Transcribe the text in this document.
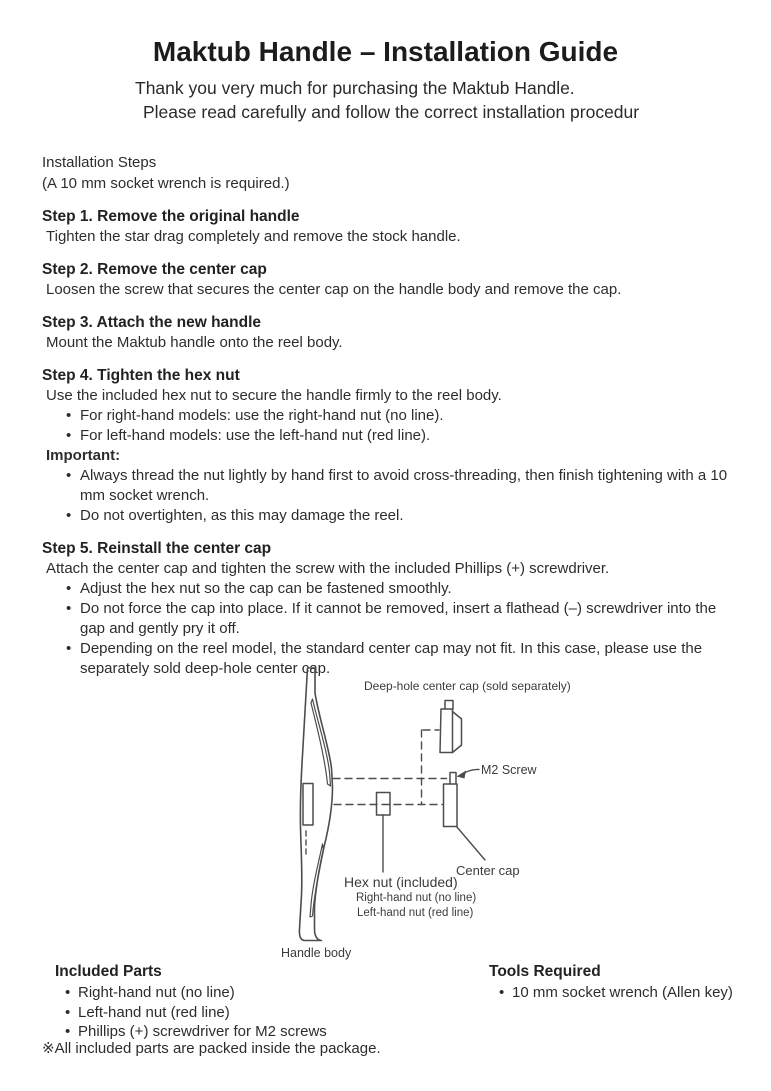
Maktub Handle – Installation Guide
Thank you very much for purchasing the Maktub Handle.
Please read carefully and follow the correct installation procedur

Installation Steps

(A 10 mm socket wrench is required.)

Step 1. Remove the original handle

Tighten the star drag completely and remove the stock handle.

Step 2. Remove the center cap

Loosen the screw that secures the center cap on the handle body and remove the cap.

Step 3. Attach the new handle

Mount the Maktub handle onto the reel body.

Step 4. Tighten the hex nut

Use the included hex nut to secure the handle firmly to the reel body.

• For right-hand models: use the right-hand nut (no line).
• For left-hand models: use the left-hand nut (red line).
Important:
• Always thread the nut lightly by hand first to avoid cross-threading, then finish tightening with a 10 mm socket wrench.
• Do not overtighten, as this may damage the reel.
Step 5. Reinstall the center cap

Attach the center cap and tighten the screw with the included Phillips (+) screwdriver.

• Adjust the hex nut so the cap can be fastened smoothly.
• Do not force the cap into place. If it cannot be removed, insert a flathead (–) screwdriver into the gap and gently pry it off.
• Depending on the reel model, the standard center cap may not fit. In this case, please use the separately sold deep-hole center cap.
Deep-hole center cap (sold separately)
M2 Screw
Center cap
Hex nut (included)
Right-hand nut (no line)
Left-hand nut (red line)
Handle body
Included Parts
• Right-hand nut (no line)
• Left-hand nut (red line)
• Phillips (+) screwdriver for M2 screws
Tools Required
• 10 mm socket wrench (Allen key)
※All included parts are packed inside the package.
